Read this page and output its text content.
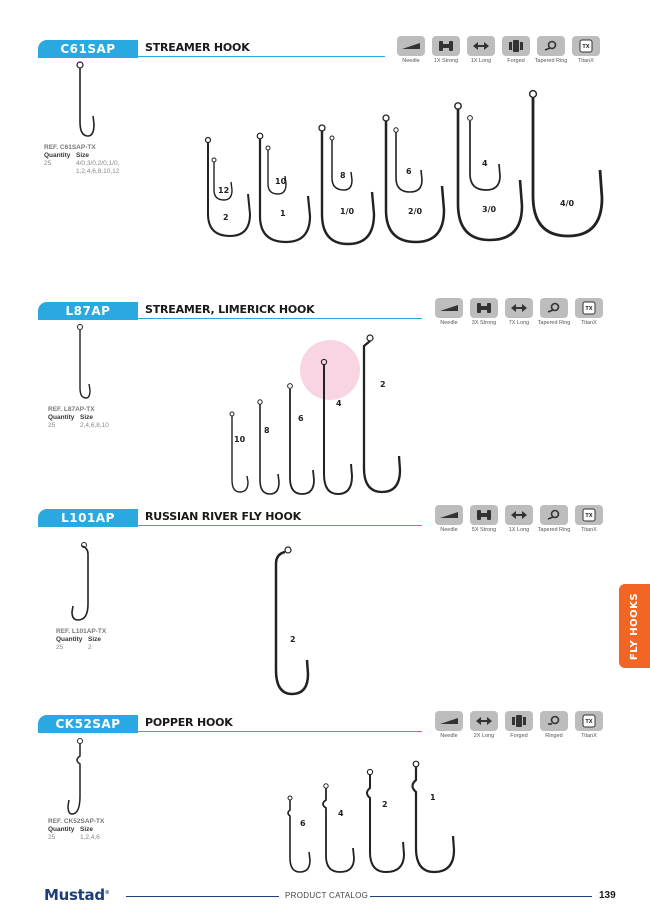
C61SAP	STREAMER HOOK
Needle	1X Strong	1X Long	Forged	Tapered Ring
TX
TitanX
REF. C61SAP-TX
Quantity	Size
25	4/0,3/0,2/0,1/0,
1,2,4,6,8,10,12
12
2
10
1
8
1/0
6
2/0
4
3/0
4/0
L87AP	STREAMER, LIMERICK HOOK
Needle	3X Strong	7X Long	Tapered Ring
TX
TitanX
REF. L87AP-TX
Quantity	Size
25	2,4,6,8,10
10
8
6
4
2
L101AP	RUSSIAN RIVER FLY HOOK
Needle	5X Strong	1X Long	Tapered Ring
TX
TitanX
REF. L101AP-TX
Quantity	Size
25	2
2
CK52SAP POPPER HOOK
Needle	2X Long	Forged	Ringed
TX
TitanX
REF. CK52SAP-TX
Quantity	Size
25	1,2,4,6
6
4
2
1
FLY HOOKS
Mustad®	PRODUCT CATALOG	139
